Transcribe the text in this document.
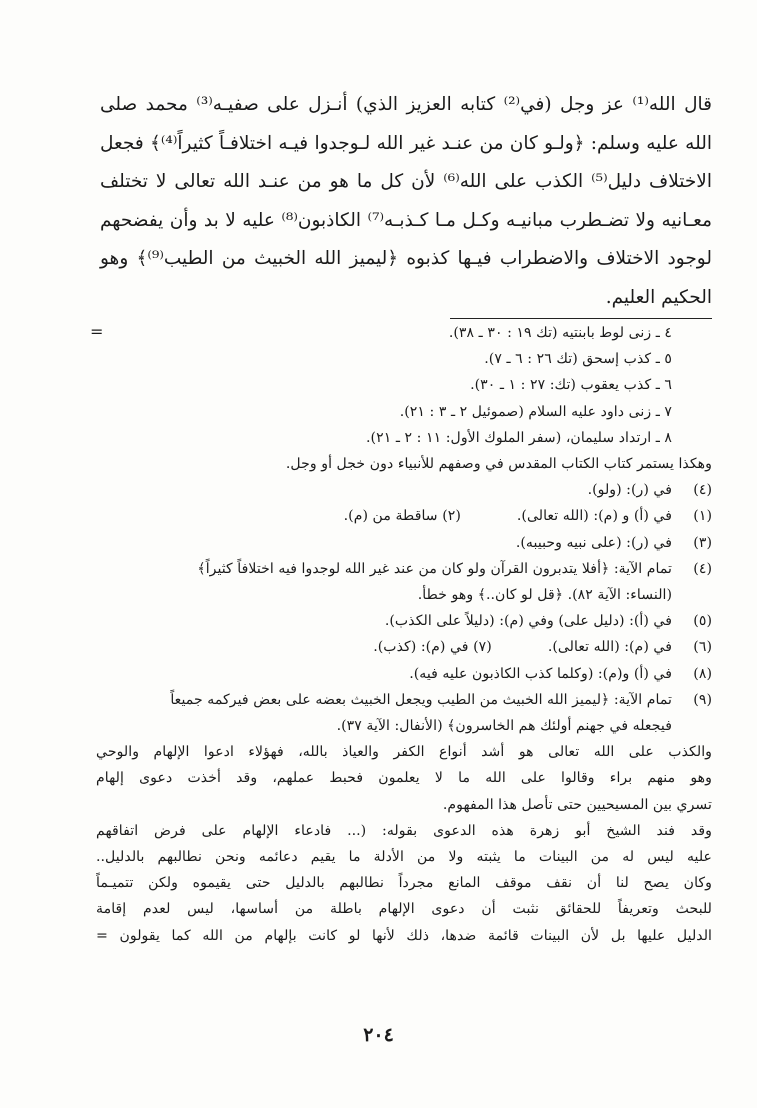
قال الله⁽¹⁾ عز وجل (في⁽²⁾ كتابه العزيز الذي) أنـزل على صفيـه⁽³⁾ محمد صلى الله عليه وسلم: ﴿ولـو كان من عنـد غير الله لـوجدوا فيـه اختلافـاً كثيراً⁽⁴⁾﴾ فجعل الاختلاف دليل⁽⁵⁾ الكذب على الله⁽⁶⁾ لأن كل ما هو من عنـد الله تعالى لا تختلف معـانيه ولا تضـطرب مبانيـه وكـل مـا كـذبـه⁽⁷⁾ الكاذبون⁽⁸⁾ عليه لا بد وأن يفضحهم لوجود الاختلاف والاضطراب فيـها كذبوه ﴿ليميز الله الخبيث من الطيب⁽⁹⁾﴾ وهو الحكيم العليم.

=	٤ ـ زنى لوط بابنتيه (تك ١٩ : ٣٠ ـ ٣٨).
٥ ـ كذب إسحق (تك ٢٦ : ٦ ـ ٧).
٦ ـ كذب يعقوب (تك: ٢٧ : ١ ـ ٣٠).
٧ ـ زنى داود عليه السلام (صموئيل ٢ ـ ٣ : ٢١).
٨ ـ ارتداد سليمان، (سفر الملوك الأول: ١١ : ٢ ـ ٢١).
وهكذا يستمر كتاب الكتاب المقدس في وصفهم للأنبياء دون خجل أو وجل.
(٤)
في (ر): (ولو).
(١)
في (أ) و (م): (الله تعالى).(٢) ساقطة من (م).
(٣)
في (ر): (على نبيه وحبيبه).
(٤)
تمام الآية: ﴿أفلا يتدبرون القرآن ولو كان من عند غير الله لوجدوا فيه اختلافاً كثيراً﴾
(النساء: الآية ٨٢). ﴿قل لو كان..﴾ وهو خطأ.
(٥)
في (أ): (دليل على) وفي (م): (دليلاً على الكذب).
(٦)
في (م): (الله تعالى).(٧) في (م): (كذب).
(٨)
في (أ) و(م): (وكلما كذب الكاذبون عليه فيه).
(٩)
تمام الآية: ﴿ليميز الله الخبيث من الطيب ويجعل الخبيث بعضه على بعض فيركمه جميعاً
فيجعله في جهنم أولئك هم الخاسرون﴾ (الأنفال: الآية ٣٧).
والكذب على الله تعالى هو أشد أنواع الكفر والعياذ بالله، فهؤلاء ادعوا الإلهام والوحي
وهو منهم براء وقالوا على الله ما لا يعلمون فحبط عملهم، وقد أخذت دعوى إلهام
تسري بين المسيحيين حتى تأصل هذا المفهوم.
وقد فند الشيخ أبو زهرة هذه الدعوى بقوله: (... فادعاء الإلهام على فرض اتفاقهم
عليه ليس له من البينات ما يثبته ولا من الأدلة ما يقيم دعائمه ونحن نطالبهم بالدليل..
وكان يصح لنا أن نقف موقف المانع مجرداً نطالبهم بالدليل حتى يقيموه ولكن تتميـماً
للبحث وتعريفاً للحقائق نثبت أن دعوى الإلهام باطلة من أساسها، ليس لعدم إقامة
الدليل عليها بل لأن البينات قائمة ضدها، ذلك لأنها لو كانت بإلهام من الله كما يقولون =
٢٠٤
